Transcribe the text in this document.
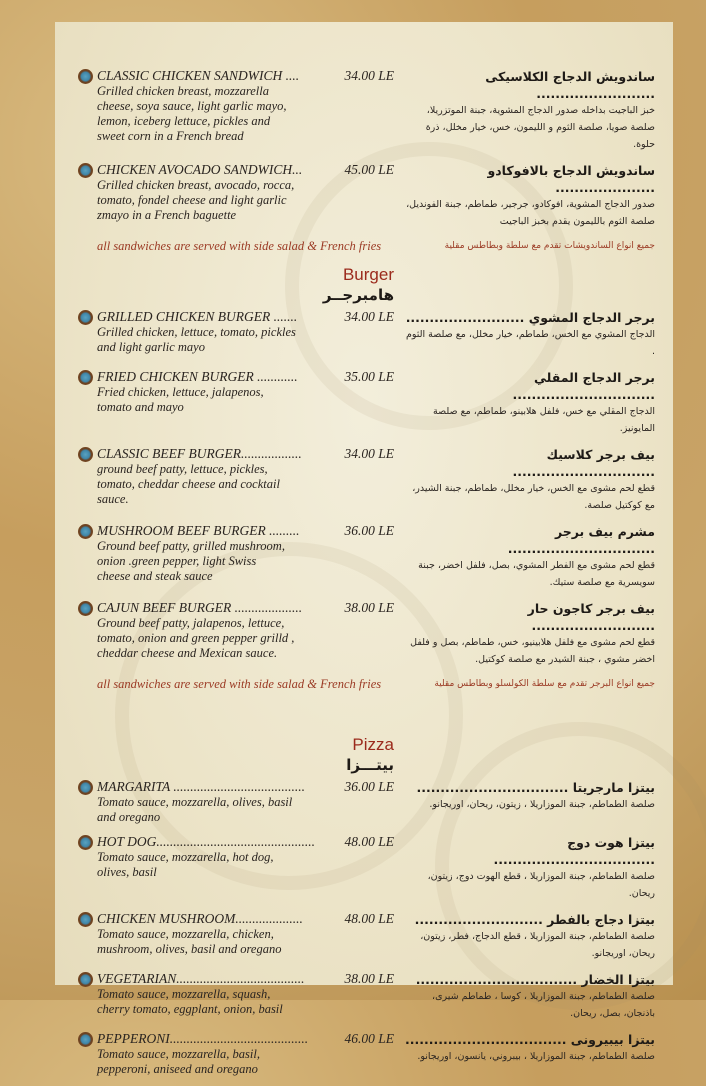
CLASSIC CHICKEN SANDWICH ....
Grilled chicken breast, mozzarella
cheese, soya sauce, light garlic mayo,
lemon, iceberg lettuce, pickles and
sweet corn in a French bread
34.00 LE	ساندويش الدجاج الكلاسيكى .........................
خبز الباجيت بداخله صدور الدجاج المشوية، جبنة الموتزريلا،
صلصة صويا، صلصة الثوم و الليمون، خس، خيار مخلل، ذرة حلوة.
CHICKEN AVOCADO SANDWICH...
Grilled chicken breast, avocado, rocca,
tomato, fondel cheese and light garlic
zmayo in a French baguette
45.00 LE	ساندويش الدجاج بالافوكادو .....................
صدور الدجاج المشوية، افوكادو، جرجير، طماطم، جبنة الفونديل،
صلصة الثوم بالليمون يقدم بخبز الباجيت
all sandwiches are served with side salad & French fries	جميع انواع الساندويشات تقدم مع سلطة وبطاطس مقلية
Burger
هامبرجــر
GRILLED CHICKEN BURGER .......
Grilled chicken, lettuce, tomato, pickles
and light garlic mayo
34.00 LE برجر الدجاج المشوي .........................
الدجاج المشوي مع الخس، طماطم، خيار مخلل، مع صلصة الثوم .
FRIED CHICKEN BURGER ............
Fried chicken, lettuce, jalapenos,
tomato and mayo
35.00 LE	برجر الدجاج المقلي ..............................
الدجاج المقلي مع خس، فلفل هلابينو، طماطم، مع صلصة
المايونيز.
CLASSIC BEEF BURGER..................
ground beef patty, lettuce, pickles,
tomato, cheddar cheese and cocktail
sauce.
34.00 LE	بيف برجر كلاسيك ..............................
قطع لحم مشوى مع الخس، خيار مخلل، طماطم، جبنة الشيدر،
مع كوكتيل صلصة.
MUSHROOM BEEF BURGER .........
Ground beef patty, grilled mushroom,
onion .green pepper, light Swiss
cheese and steak sauce
36.00 LE	مشرم بيف برجر ...............................
قطع لحم مشوى مع الفطر المشوي، بصل، فلفل اخضر، جبنة
سويسرية مع صلصة ستيك.
CAJUN BEEF BURGER ....................
Ground beef patty, jalapenos, lettuce,
tomato, onion and green pepper grilld ,
cheddar cheese and Mexican sauce.
38.00 LE	بيف برجر كاجون حار ..........................
قطع لحم مشوى مع فلفل هلابينيو، خس، طماطم، بصل و فلفل
اخضر مشوي ، جبنة الشيدر مع صلصة كوكتيل.
all sandwiches are served with side salad & French fries	جميع انواع البرجر تقدم مع سلطة الكولسلو وبطاطس مقلية
Pizza
بيتـــزا
MARGARITA .......................................
Tomato sauce, mozzarella, olives, basil
and oregano
36.00 LE	بيتزا مارجريتا ................................
صلصة الطماطم، جبنة الموزاريلا ، زيتون، ريحان، اوريجانو.
HOT DOG...............................................
Tomato sauce, mozzarella, hot dog,
olives, basil
48.00 LE	بيتزا هوت دوج ..................................
صلصة الطماطم، جبنة الموزاريلا ، قطع الهوت دوج، زيتون، ريحان.
CHICKEN MUSHROOM....................
Tomato sauce, mozzarella, chicken,
mushroom, olives, basil and oregano
48.00 LE	بيتزا دجاج بالفطر ...........................
صلصة الطماطم، جبنة الموزاريلا ، قطع الدجاج، فطر، زيتون،
ريحان، اوريجانو.
VEGETARIAN......................................
Tomato sauce, mozzarella, squash,
cherry tomato, eggplant, onion, basil
38.00 LE	بيتزا الخضار ..................................
صلصة الطماطم، جبنة الموزاريلا ، كوسا ، طماطم شيرى،
باذنجان، بصل، ريحان.
PEPPERONI.........................................
Tomato sauce, mozzarella, basil,
pepperoni, aniseed and oregano
46.00 LE بيتزا بيبيرونى ..................................
صلصة الطماطم، جبنة الموزاريلا ، بيبروني، يانسون، اوريجانو.
